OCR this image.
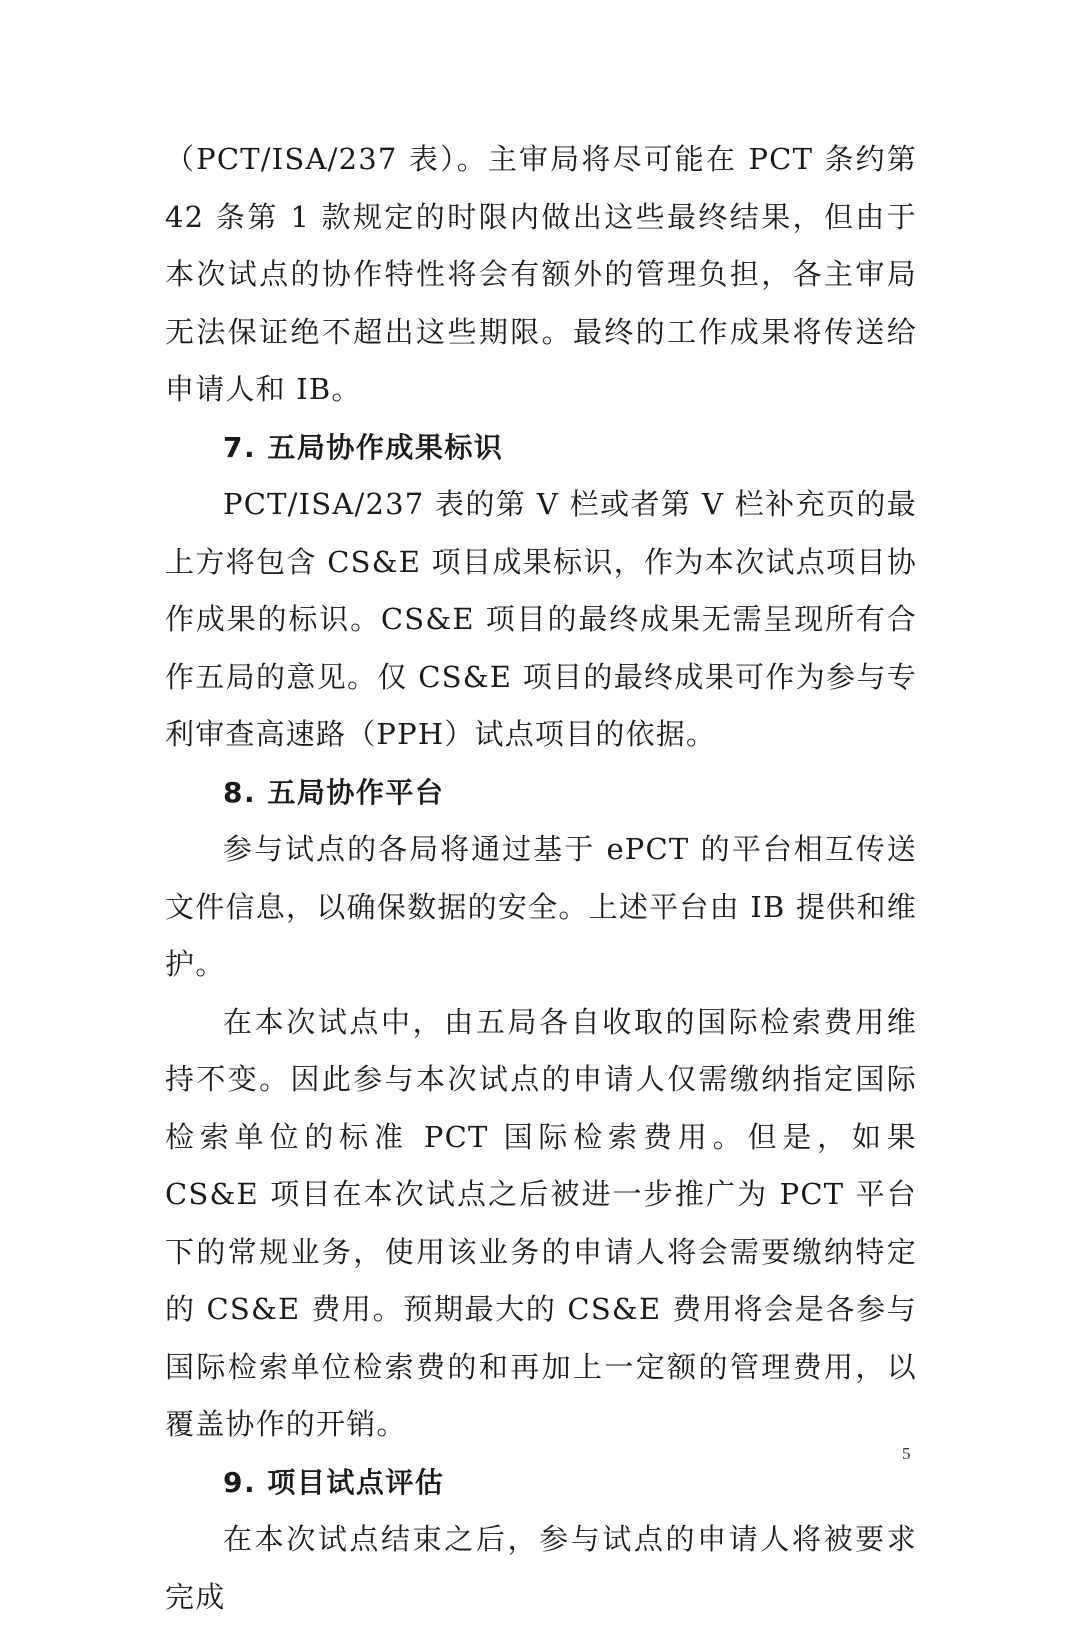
（PCT/ISA/237 表）。主审局将尽可能在 PCT 条约第 42 条第 1 款规定的时限内做出这些最终结果，但由于本次试点的协作特性将会有额外的管理负担，各主审局无法保证绝不超出这些期限。最终的工作成果将传送给申请人和 IB。

7. 五局协作成果标识

PCT/ISA/237 表的第 V 栏或者第 V 栏补充页的最上方将包含 CS&E 项目成果标识，作为本次试点项目协作成果的标识。CS&E 项目的最终成果无需呈现所有合作五局的意见。仅 CS&E 项目的最终成果可作为参与专利审查高速路（PPH）试点项目的依据。

8. 五局协作平台

参与试点的各局将通过基于 ePCT 的平台相互传送文件信息，以确保数据的安全。上述平台由 IB 提供和维护。

在本次试点中，由五局各自收取的国际检索费用维持不变。因此参与本次试点的申请人仅需缴纳指定国际检索单位的标准 PCT 国际检索费用。但是，如果 CS&E 项目在本次试点之后被进一步推广为 PCT 平台下的常规业务，使用该业务的申请人将会需要缴纳特定的 CS&E 费用。预期最大的 CS&E 费用将会是各参与国际检索单位检索费的和再加上一定额的管理费用，以覆盖协作的开销。

9. 项目试点评估

在本次试点结束之后，参与试点的申请人将被要求完成

5
